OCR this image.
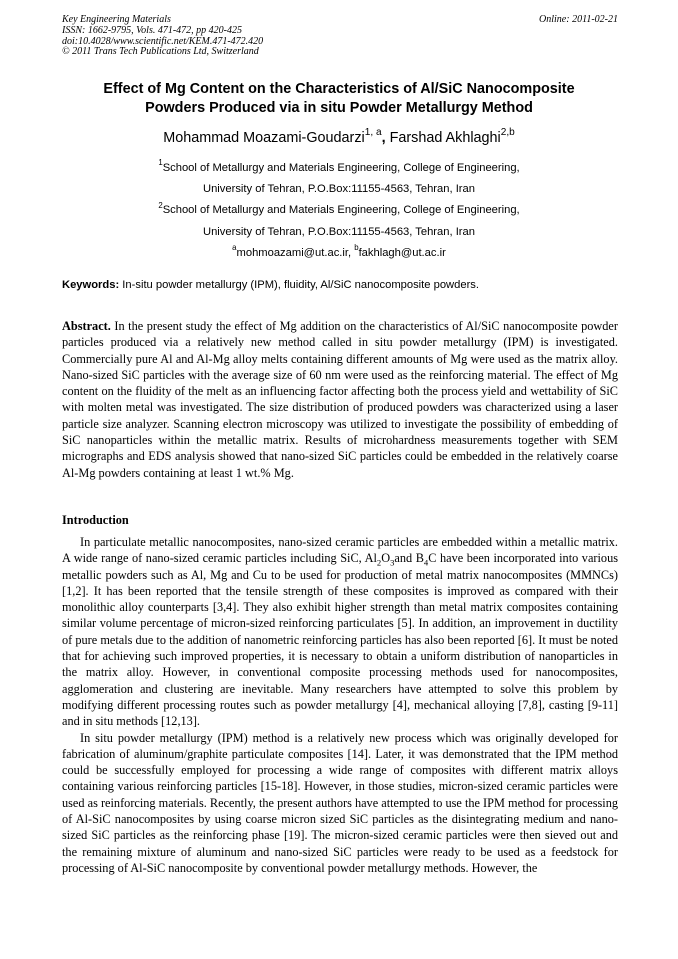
Key Engineering Materials
ISSN: 1662-9795, Vols. 471-472, pp 420-425
doi:10.4028/www.scientific.net/KEM.471-472.420
© 2011 Trans Tech Publications Ltd, Switzerland
Online: 2011-02-21
Effect of Mg Content on the Characteristics of Al/SiC Nanocomposite
Powders Produced via in situ Powder Metallurgy Method
Mohammad Moazami-Goudarzi$^{1, a}$, Farshad Akhlaghi$^{2,b}$
$^1$School of Metallurgy and Materials Engineering, College of Engineering,
University of Tehran, P.O.Box:11155-4563, Tehran, Iran
$^2$School of Metallurgy and Materials Engineering, College of Engineering,
University of Tehran, P.O.Box:11155-4563, Tehran, Iran
$^a$mohmoazami@ut.ac.ir, $^b$fakhlagh@ut.ac.ir
Keywords: In-situ powder metallurgy (IPM), fluidity, Al/SiC nanocomposite powders.
Abstract. In the present study the effect of Mg addition on the characteristics of Al/SiC nanocomposite powder particles produced via a relatively new method called in situ powder metallurgy (IPM) is investigated. Commercially pure Al and Al-Mg alloy melts containing different amounts of Mg were used as the matrix alloy. Nano-sized SiC particles with the average size of 60 nm were used as the reinforcing material. The effect of Mg content on the fluidity of the melt as an influencing factor affecting both the process yield and wettability of SiC with molten metal was investigated. The size distribution of produced powders was characterized using a laser particle size analyzer. Scanning electron microscopy was utilized to investigate the possibility of embedding of SiC nanoparticles within the metallic matrix. Results of microhardness measurements together with SEM micrographs and EDS analysis showed that nano-sized SiC particles could be embedded in the relatively coarse Al-Mg powders containing at least 1 wt.% Mg.
Introduction

In particulate metallic nanocomposites, nano-sized ceramic particles are embedded within a metallic matrix. A wide range of nano-sized ceramic particles including SiC, $Al_2O_3and$ $B_4C$ have been incorporated into various metallic powders such as Al, Mg and Cu to be used for production of metal matrix nanocomposites (MMNCs) [1,2]. It has been reported that the tensile strength of these composites is improved as compared with their monolithic alloy counterparts [3,4]. They also exhibit higher strength than metal matrix composites containing similar volume percentage of micron-sized reinforcing particulates [5]. In addition, an improvement in ductility of pure metals due to the addition of nanometric reinforcing particles has also been reported [6]. It must be noted that for achieving such improved properties, it is necessary to obtain a uniform distribution of nanoparticles in the matrix alloy. However, in conventional composite processing methods used for nanocomposites, agglomeration and clustering are inevitable. Many researchers have attempted to solve this problem by modifying different processing routes such as powder metallurgy [4], mechanical alloying [7,8], casting [9-11] and in situ methods [12,13].

In situ powder metallurgy (IPM) method is a relatively new process which was originally developed for fabrication of aluminum/graphite particulate composites [14]. Later, it was demonstrated that the IPM method could be successfully employed for processing a wide range of composites with different matrix alloys containing various reinforcing particles [15-18]. However, in those studies, micron-sized ceramic particles were used as reinforcing materials. Recently, the present authors have attempted to use the IPM method for processing of Al-SiC nanocomposites by using coarse micron sized SiC particles as the disintegrating medium and nano-sized SiC particles as the reinforcing phase [19]. The micron-sized ceramic particles were then sieved out and the remaining mixture of aluminum and nano-sized SiC particles were ready to be used as a feedstock for processing of Al-SiC nanocomposite by conventional powder metallurgy methods. However, the
